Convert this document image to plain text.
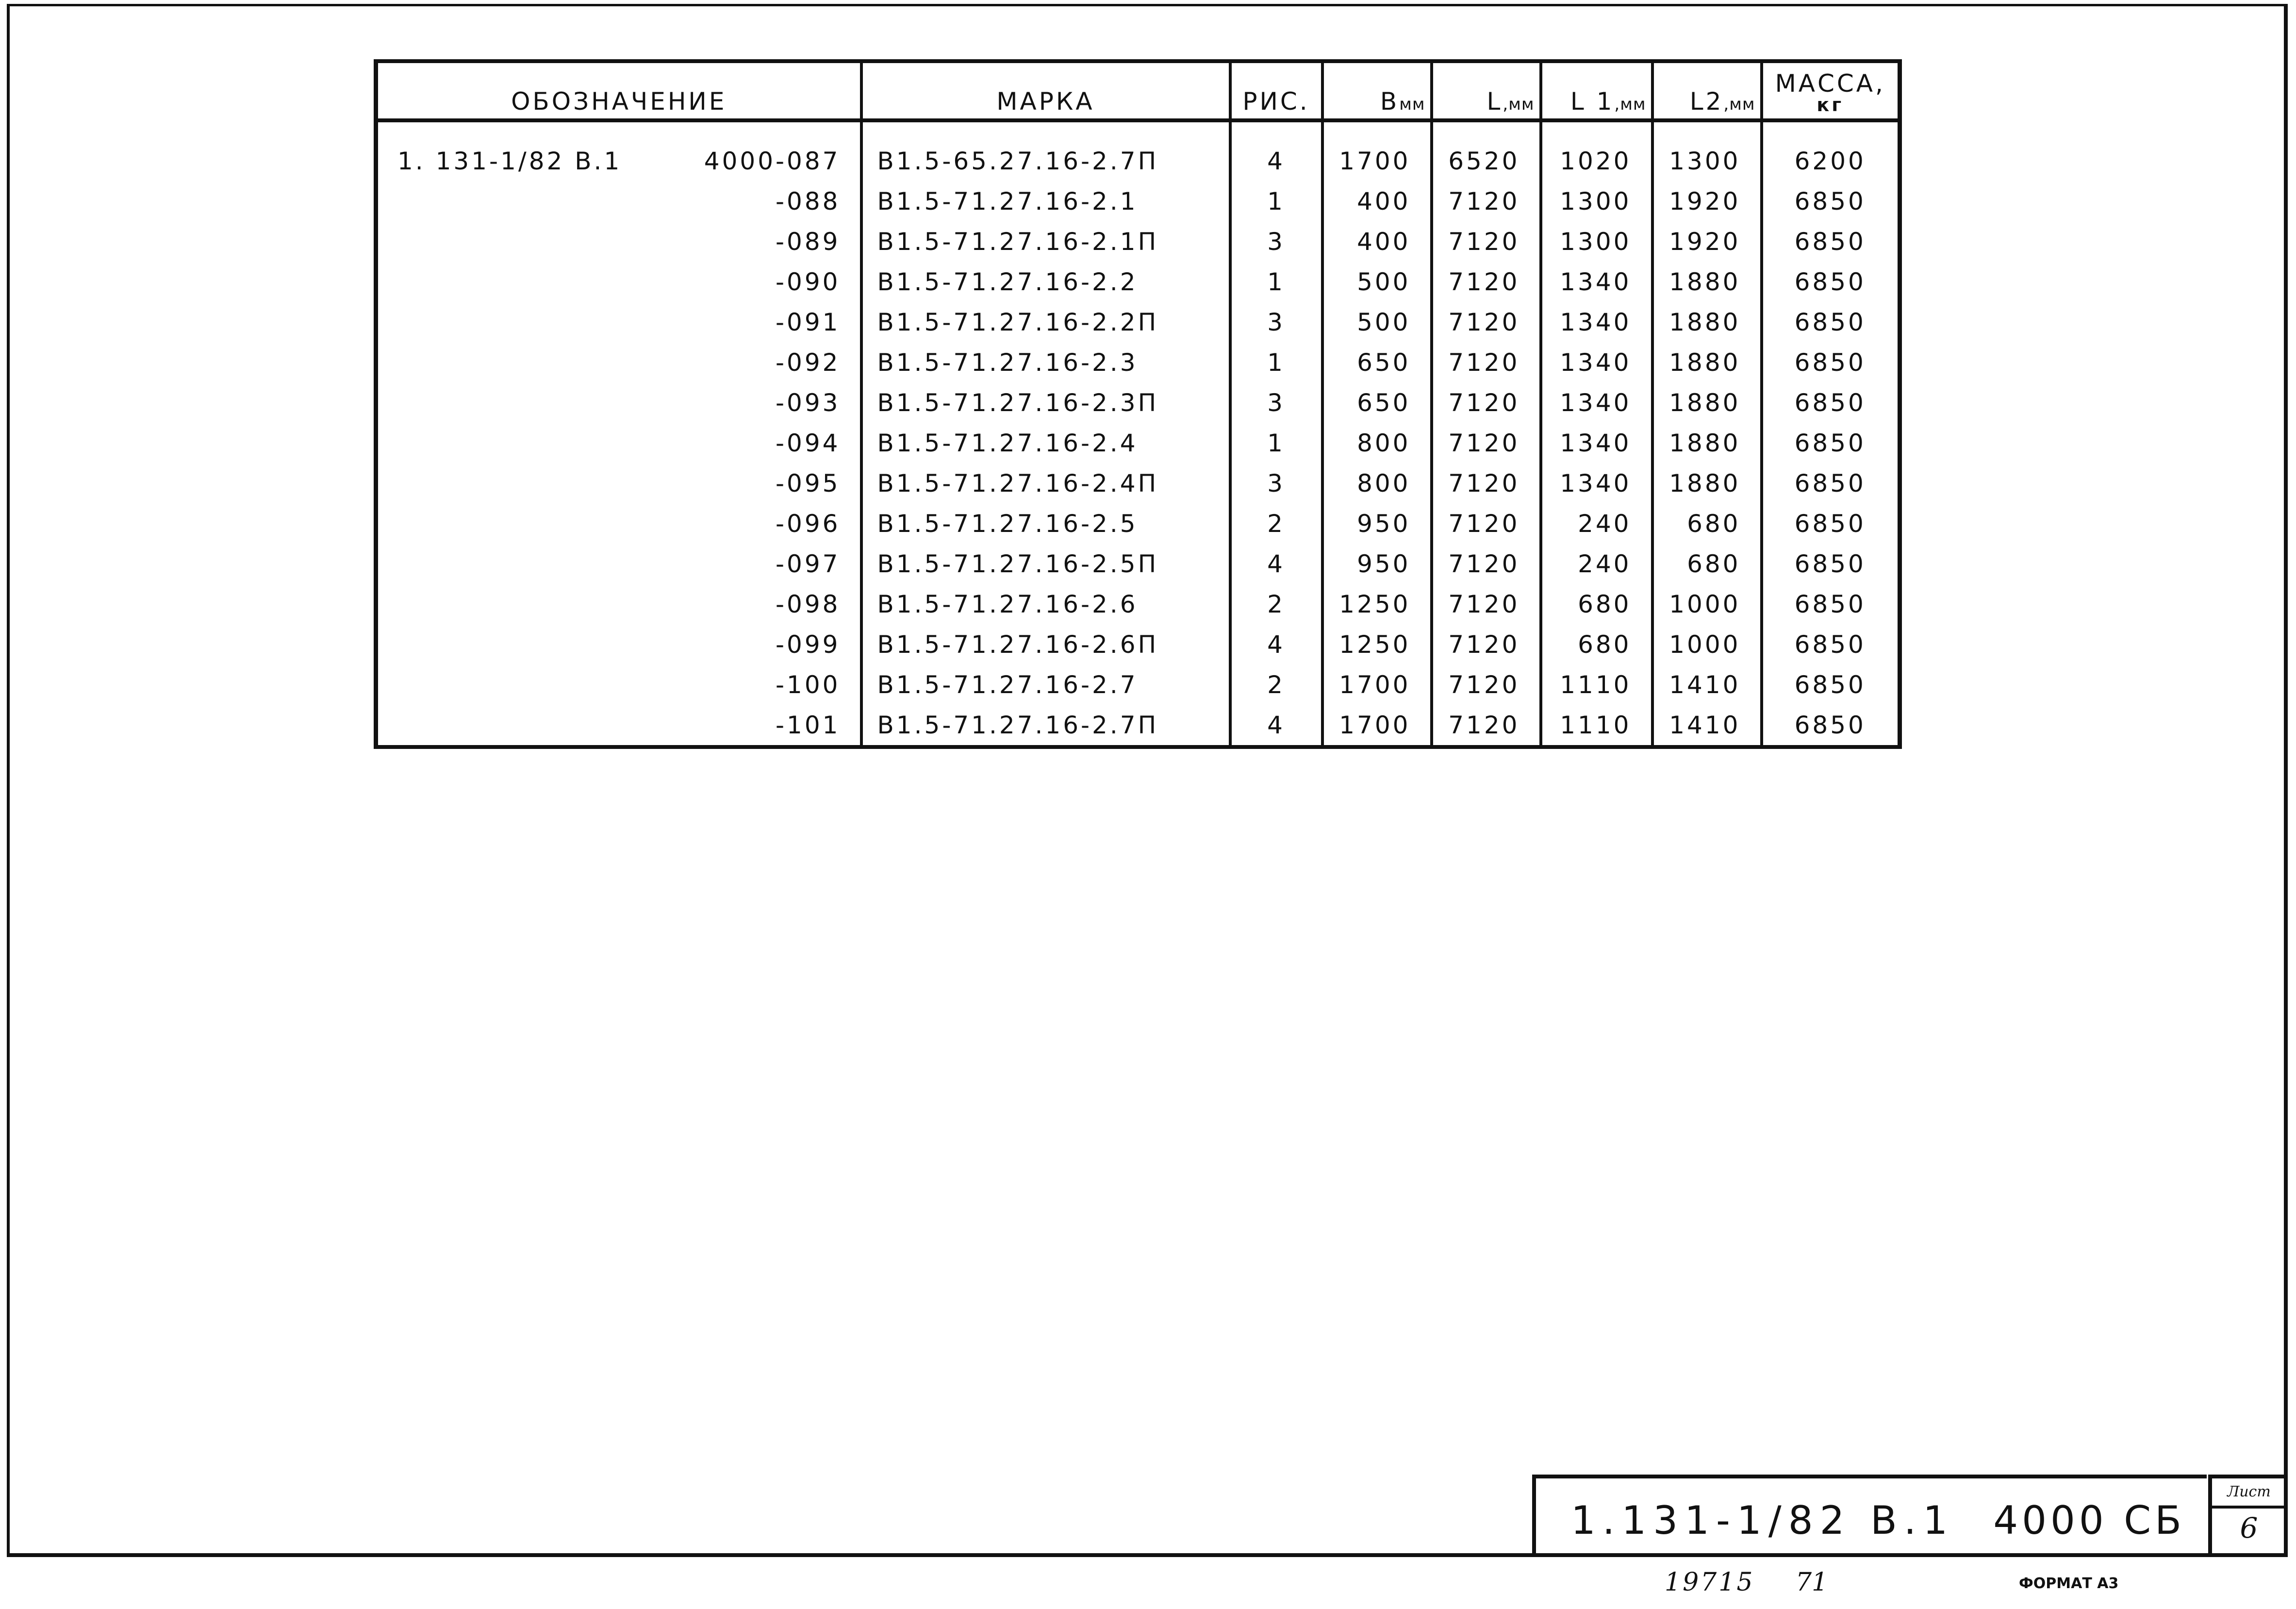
ОБОЗНАЧЕНИЕ	МАРКА	РИС.	Вмм	L,мм	L 1,мм	L2,мм	МАССА,
кг

1. 131-1/82 В.1 4000-087	В1.5-65.27.16-2.7П	4	1700	6520	1020	1300	6200

-088	В1.5-71.27.16-2.1	1	400	7120	1300	1920	6850

-089	В1.5-71.27.16-2.1П	3	400	7120	1300	1920	6850

-090	В1.5-71.27.16-2.2	1	500	7120	1340	1880	6850

-091	В1.5-71.27.16-2.2П	3	500	7120	1340	1880	6850

-092	В1.5-71.27.16-2.3	1	650	7120	1340	1880	6850

-093	В1.5-71.27.16-2.3П	3	650	7120	1340	1880	6850

-094	В1.5-71.27.16-2.4	1	800	7120	1340	1880	6850

-095	В1.5-71.27.16-2.4П	3	800	7120	1340	1880	6850

-096	В1.5-71.27.16-2.5	2	950	7120	240	680	6850

-097	В1.5-71.27.16-2.5П	4	950	7120	240	680	6850

-098	В1.5-71.27.16-2.6	2	1250	7120	680	1000	6850

-099	В1.5-71.27.16-2.6П	4	1250	7120	680	1000	6850

-100	В1.5-71.27.16-2.7	2	1700	7120	1110	1410	6850

-101	В1.5-71.27.16-2.7П	4	1700	7120	1110	1410	6850
1.131-1/82 В.1 4000 СБ
Лист
6
19715 71	ФОРМАТ А3
